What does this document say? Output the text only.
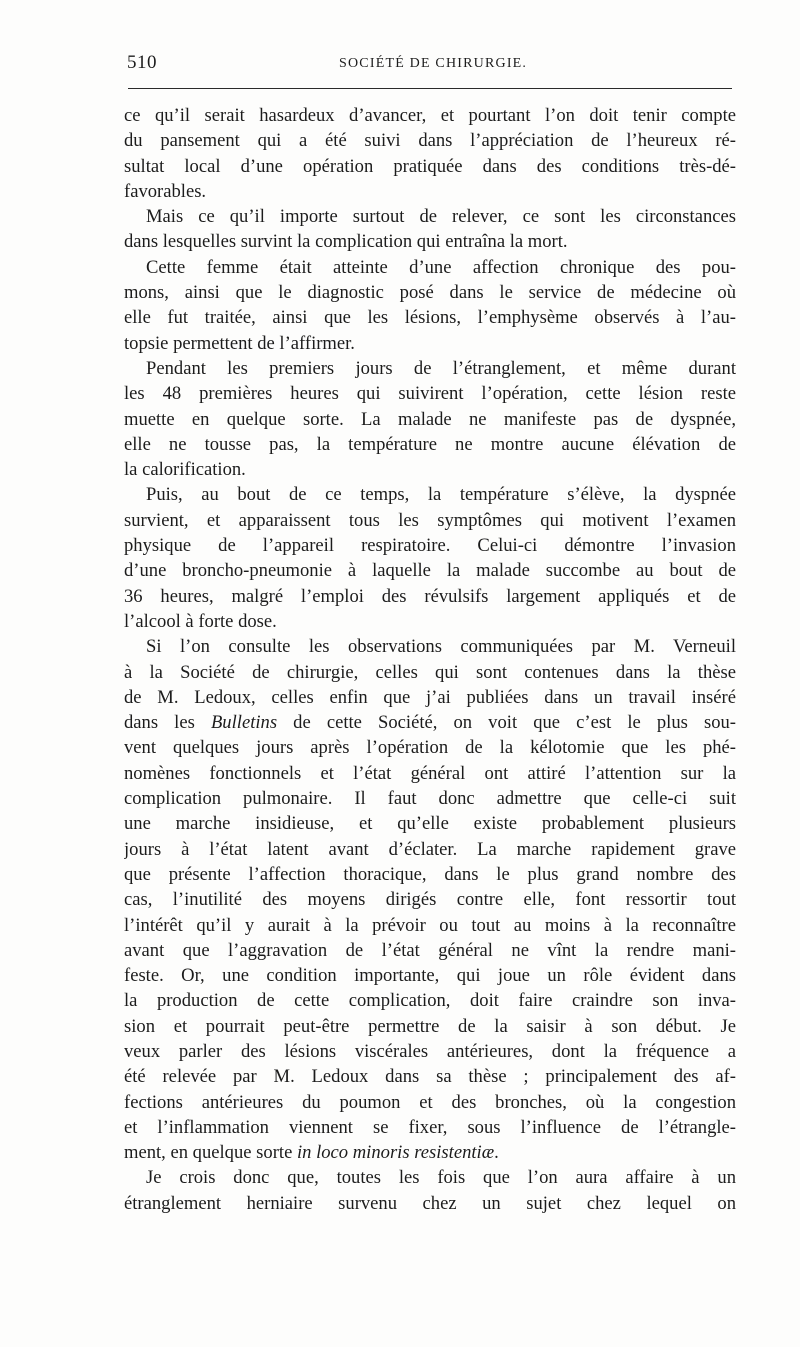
510	SOCIÉTÉ DE CHIRURGIE.
ce qu’il serait hasardeux d’avancer, et pourtant l’on doit tenir compte
du pansement qui a été suivi dans l’appréciation de l’heureux ré-
sultat local d’une opération pratiquée dans des conditions très-dé-
favorables.
Mais ce qu’il importe surtout de relever, ce sont les circonstances
dans lesquelles survint la complication qui entraîna la mort.
Cette femme était atteinte d’une affection chronique des pou-
mons, ainsi que le diagnostic posé dans le service de médecine où
elle fut traitée, ainsi que les lésions, l’emphysème observés à l’au-
topsie permettent de l’affirmer.
Pendant les premiers jours de l’étranglement, et même durant
les 48 premières heures qui suivirent l’opération, cette lésion reste
muette en quelque sorte. La malade ne manifeste pas de dyspnée,
elle ne tousse pas, la température ne montre aucune élévation de
la calorification.
Puis, au bout de ce temps, la température s’élève, la dyspnée
survient, et apparaissent tous les symptômes qui motivent l’examen
physique de l’appareil respiratoire. Celui-ci démontre l’invasion
d’une broncho-pneumonie à laquelle la malade succombe au bout de
36 heures, malgré l’emploi des révulsifs largement appliqués et de
l’alcool à forte dose.
Si l’on consulte les observations communiquées par M. Verneuil
à la Société de chirurgie, celles qui sont contenues dans la thèse
de M. Ledoux, celles enfin que j’ai publiées dans un travail inséré
dans les Bulletins de cette Société, on voit que c’est le plus sou-
vent quelques jours après l’opération de la kélotomie que les phé-
nomènes fonctionnels et l’état général ont attiré l’attention sur la
complication pulmonaire. Il faut donc admettre que celle-ci suit
une marche insidieuse, et qu’elle existe probablement plusieurs
jours à l’état latent avant d’éclater. La marche rapidement grave
que présente l’affection thoracique, dans le plus grand nombre des
cas, l’inutilité des moyens dirigés contre elle, font ressortir tout
l’intérêt qu’il y aurait à la prévoir ou tout au moins à la reconnaître
avant que l’aggravation de l’état général ne vînt la rendre mani-
feste. Or, une condition importante, qui joue un rôle évident dans
la production de cette complication, doit faire craindre son inva-
sion et pourrait peut-être permettre de la saisir à son début. Je
veux parler des lésions viscérales antérieures, dont la fréquence a
été relevée par M. Ledoux dans sa thèse ; principalement des af-
fections antérieures du poumon et des bronches, où la congestion
et l’inflammation viennent se fixer, sous l’influence de l’étrangle-
ment, en quelque sorte in loco minoris resistentiæ.
Je crois donc que, toutes les fois que l’on aura affaire à un
étranglement herniaire survenu chez un sujet chez lequel on
